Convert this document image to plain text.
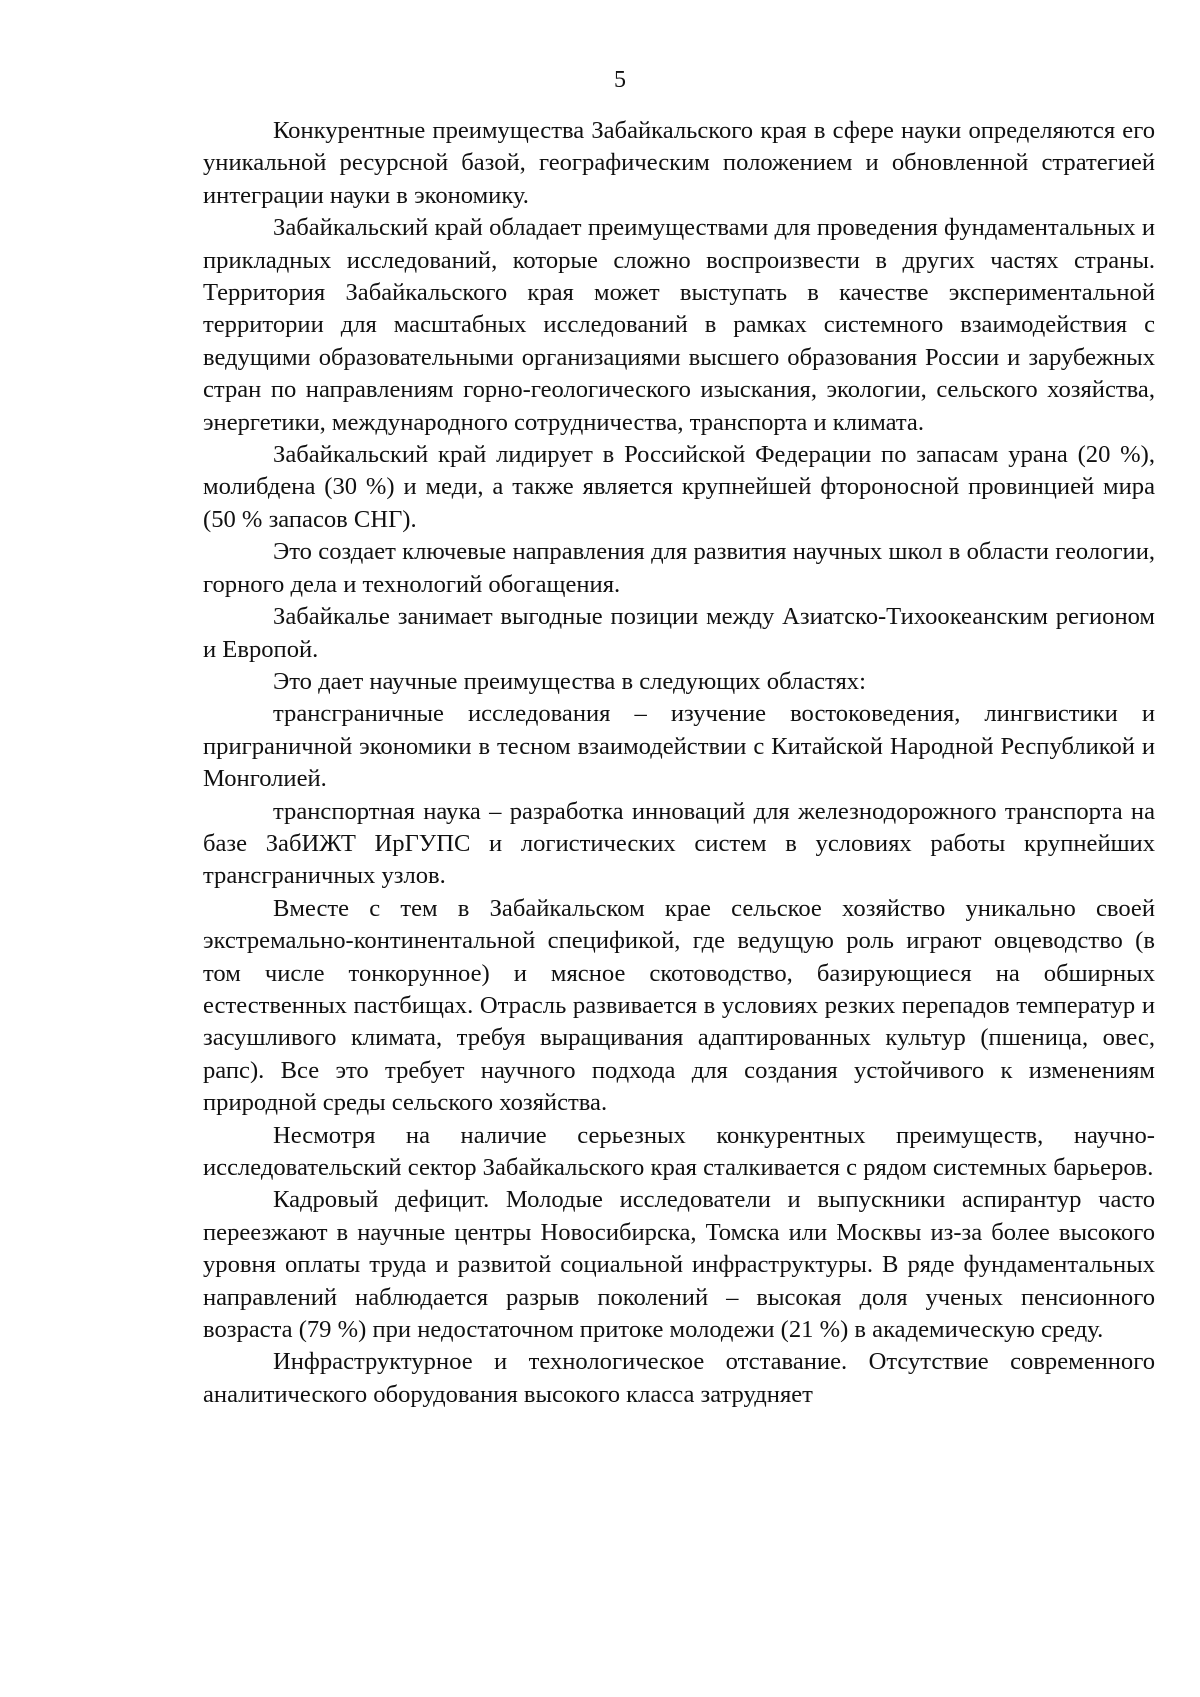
5

Конкурентные преимущества Забайкальского края в сфере науки определяются его уникальной ресурсной базой, географическим положением и обновленной стратегией интеграции науки в экономику.

Забайкальский край обладает преимуществами для проведения фундаментальных и прикладных исследований, которые сложно воспроизвести в других частях страны. Территория Забайкальского края может выступать в качестве экспериментальной территории для масштабных исследований в рамках системного взаимодействия с ведущими образовательными организациями высшего образования России и зарубежных стран по направлениям горно-геологического изыскания, экологии, сельского хозяйства, энергетики, международного сотрудничества, транспорта и климата.

Забайкальский край лидирует в Российской Федерации по запасам урана (20 %), молибдена (30 %) и меди, а также является крупнейшей фтороносной провинцией мира (50 % запасов СНГ).

Это создает ключевые направления для развития научных школ в области геологии, горного дела и технологий обогащения.

Забайкалье занимает выгодные позиции между Азиатско-Тихоокеанским регионом и Европой.

Это дает научные преимущества в следующих областях:

трансграничные исследования – изучение востоковедения, лингвистики и приграничной экономики в тесном взаимодействии с Китайской Народной Республикой и Монголией.

транспортная наука – разработка инноваций для железнодорожного транспорта на базе ЗабИЖТ ИрГУПС и логистических систем в условиях работы крупнейших трансграничных узлов.

Вместе с тем в Забайкальском крае сельское хозяйство уникально своей экстремально-континентальной спецификой, где ведущую роль играют овцеводство (в том числе тонкорунное) и мясное скотоводство, базирующиеся на обширных естественных пастбищах. Отрасль развивается в условиях резких перепадов температур и засушливого климата, требуя выращивания адаптированных культур (пшеница, овес, рапс). Все это требует научного подхода для создания устойчивого к изменениям природной среды сельского хозяйства.

Несмотря на наличие серьезных конкурентных преимуществ, научно-исследовательский сектор Забайкальского края сталкивается с рядом системных барьеров.

Кадровый дефицит. Молодые исследователи и выпускники аспирантур часто переезжают в научные центры Новосибирска, Томска или Москвы из-за более высокого уровня оплаты труда и развитой социальной инфраструктуры. В ряде фундаментальных направлений наблюдается разрыв поколений – высокая доля ученых пенсионного возраста (79 %) при недостаточном притоке молодежи (21 %) в академическую среду.

Инфраструктурное и технологическое отставание. Отсутствие современного аналитического оборудования высокого класса затрудняет
